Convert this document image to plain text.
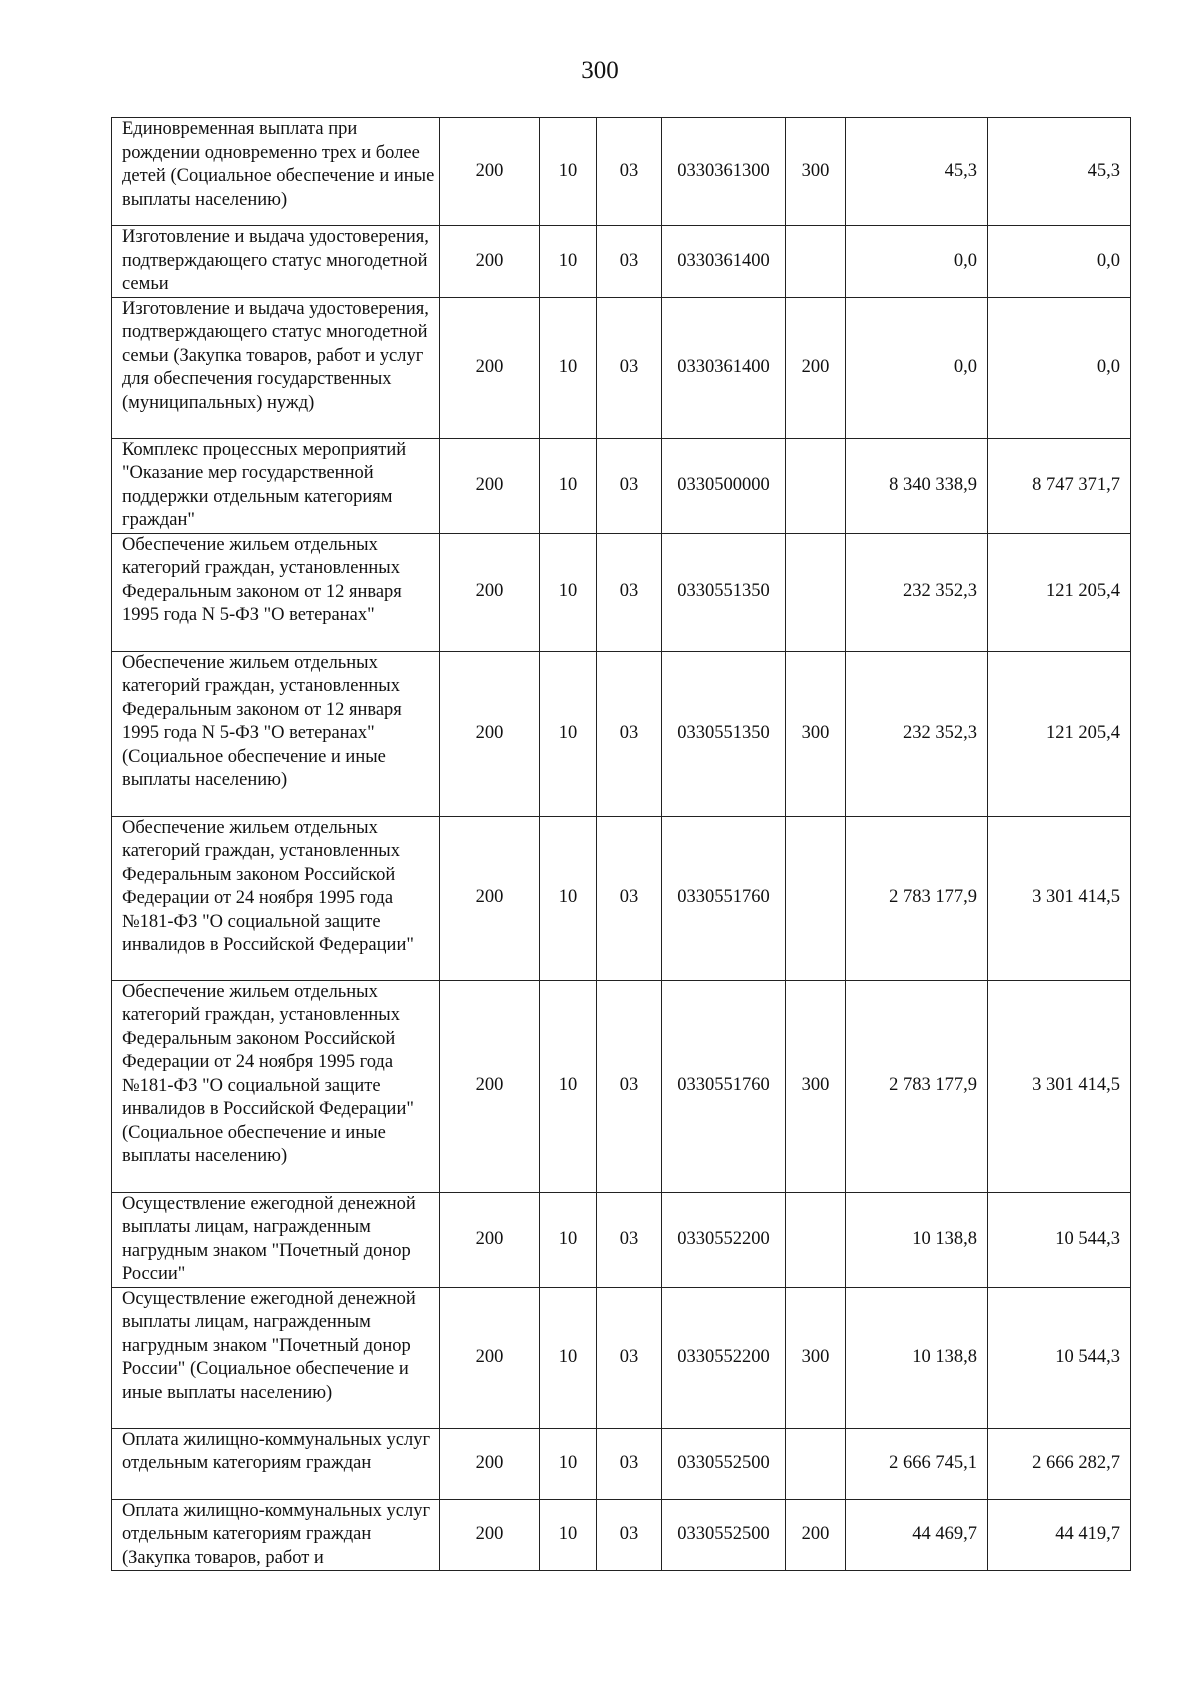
300
Единовременная выплата при рождении одновременно трех и более детей (Социальное обеспечение и иные выплаты населению)	200	10	03	0330361300	300	45,3	45,3
Изготовление и выдача удостоверения, подтверждающего статус многодетной семьи	200	10	03	0330361400		0,0	0,0
Изготовление и выдача удостоверения, подтверждающего статус многодетной семьи (Закупка товаров, работ и услуг для обеспечения государственных (муниципальных) нужд)	200	10	03	0330361400	200	0,0	0,0
Комплекс процессных мероприятий "Оказание мер государственной поддержки отдельным категориям граждан"	200	10	03	0330500000		8 340 338,9	8 747 371,7
Обеспечение жильем отдельных категорий граждан, установленных Федеральным законом от 12 января 1995 года N 5-ФЗ "О ветеранах"	200	10	03	0330551350		232 352,3	121 205,4
Обеспечение жильем отдельных категорий граждан, установленных Федеральным законом от 12 января 1995 года N 5-ФЗ "О ветеранах" (Социальное обеспечение и иные выплаты населению)	200	10	03	0330551350	300	232 352,3	121 205,4
Обеспечение жильем отдельных категорий граждан, установленных Федеральным законом Российской Федерации от 24 ноября 1995 года №181-ФЗ "О социальной защите инвалидов в Российской Федерации"	200	10	03	0330551760		2 783 177,9	3 301 414,5
Обеспечение жильем отдельных категорий граждан, установленных Федеральным законом Российской Федерации от 24 ноября 1995 года №181-ФЗ "О социальной защите инвалидов в Российской Федерации" (Социальное обеспечение и иные выплаты населению)	200	10	03	0330551760	300	2 783 177,9	3 301 414,5
Осуществление ежегодной денежной выплаты лицам, награжденным нагрудным знаком "Почетный донор России"	200	10	03	0330552200		10 138,8	10 544,3
Осуществление ежегодной денежной выплаты лицам, награжденным нагрудным знаком "Почетный донор России" (Социальное обеспечение и иные выплаты населению)	200	10	03	0330552200	300	10 138,8	10 544,3
Оплата жилищно-коммунальных услуг отдельным категориям граждан	200	10	03	0330552500		2 666 745,1	2 666 282,7
Оплата жилищно-коммунальных услуг отдельным категориям граждан (Закупка товаров, работ и	200	10	03	0330552500	200	44 469,7	44 419,7
